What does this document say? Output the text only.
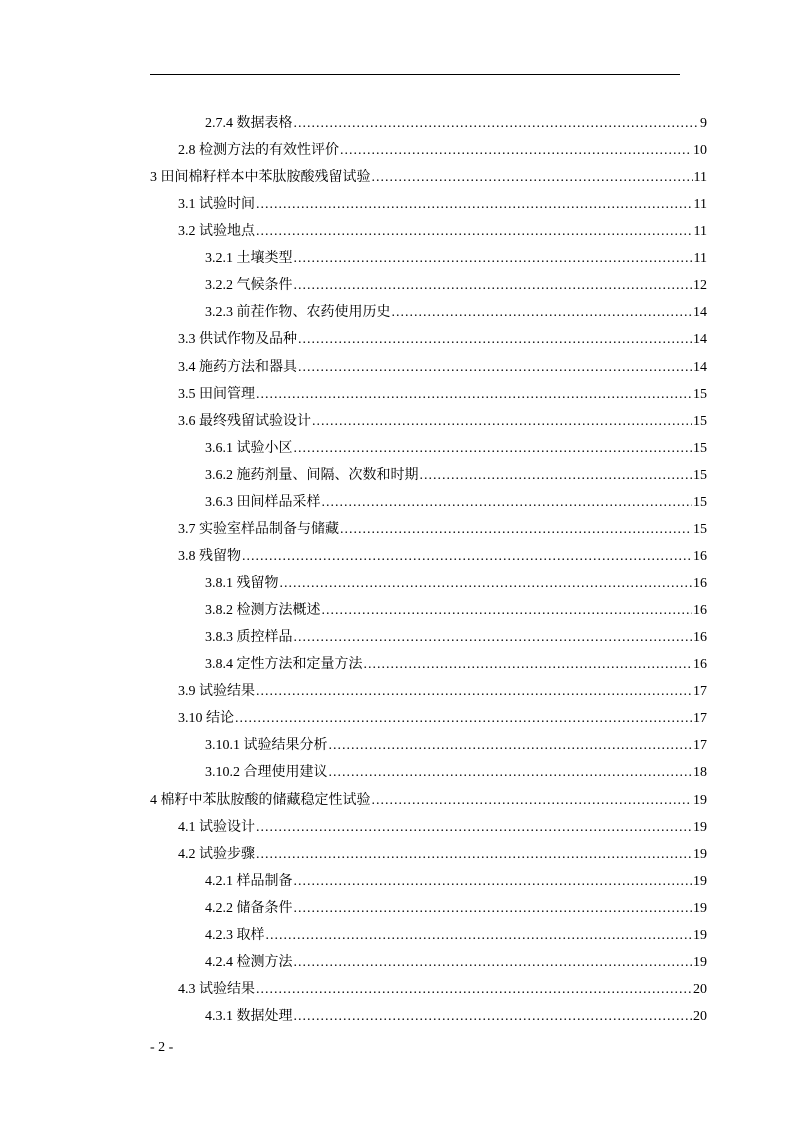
2.7.4 数据表格 .....	9
2.8 检测方法的有效性评价 .....	10
3 田间棉籽样本中苯肽胺酸残留试验 .....	11
3.1 试验时间 .....	11
3.2 试验地点 .....	11
3.2.1 土壤类型 .....	11
3.2.2 气候条件 .....	12
3.2.3 前茬作物、农药使用历史 .....	14
3.3 供试作物及品种 .....	14
3.4 施药方法和器具 .....	14
3.5 田间管理 .....	15
3.6 最终残留试验设计 .....	15
3.6.1 试验小区 .....	15
3.6.2 施药剂量、间隔、次数和时期 .....	15
3.6.3 田间样品采样 .....	15
3.7 实验室样品制备与储藏 .....	15
3.8 残留物 .....	16
3.8.1 残留物 .....	16
3.8.2 检测方法概述 .....	16
3.8.3 质控样品 .....	16
3.8.4 定性方法和定量方法 .....	16
3.9 试验结果 .....	17
3.10 结论 .....	17
3.10.1 试验结果分析 .....	17
3.10.2 合理使用建议 .....	18
4 棉籽中苯肽胺酸的储藏稳定性试验 .....	19
4.1 试验设计 .....	19
4.2 试验步骤 .....	19
4.2.1 样品制备 .....	19
4.2.2 储备条件 .....	19
4.2.3 取样 .....	19
4.2.4 检测方法 .....	19
4.3 试验结果 .....	20
4.3.1 数据处理 .....	20
- 2 -
